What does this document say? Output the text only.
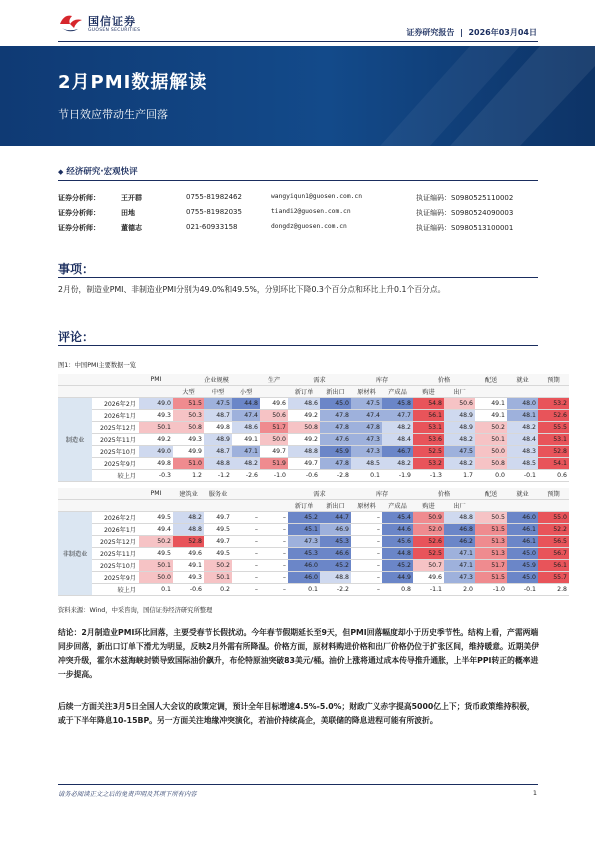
国信证券
GUOSEN SECURITIES	证券研究报告  |  2026年03月04日
2月PMI数据解读
节日效应带动生产回落
◆ 经济研究·宏观快评
证券分析师：	王开群	0755-81982462	wangyiqun1@guosen.com.cn	执证编码：S0980525110002
证券分析师：	田地	0755-81982035	tiandi2@guosen.com.cn	执证编码：S0980524090003
证券分析师：	董德志	021-60933158	dongdz@guosen.com.cn	执证编码：S0980513100001
事项：
2月份，制造业PMI、非制造业PMI分别为49.0%和49.5%，分别环比下降0.3个百分点和环比上升0.1个百分点。
评论：
图1：中国PMI主要数据一览
		PMI	企业规模			生产	需求		库存		价格		配送	就业	预期
			大型	中型	小型		新订单	新出口	原材料	产成品	购进	出厂			
制造业	2026年2月	49.0	51.5	47.5	44.8	49.6	48.6	45.0	47.5	45.8	54.8	50.6	49.1	48.0	53.2
	2026年1月	49.3	50.3	48.7	47.4	50.6	49.2	47.8	47.4	47.7	56.1	48.9	49.1	48.1	52.6
	2025年12月	50.1	50.8	49.8	48.6	51.7	50.8	47.8	47.8	48.2	53.1	48.9	50.2	48.2	55.5
	2025年11月	49.2	49.3	48.9	49.1	50.0	49.2	47.6	47.3	48.4	53.6	48.2	50.1	48.4	53.1
	2025年10月	49.0	49.9	48.7	47.1	49.7	48.8	45.9	47.3	46.7	52.5	47.5	50.0	48.3	52.8
	2025年9月	49.8	51.0	48.8	48.2	51.9	49.7	47.8	48.5	48.2	53.2	48.2	50.8	48.5	54.1
	较上月	-0.3	1.2	-1.2	-2.6	-1.0	-0.6	-2.8	0.1	-1.9	-1.3	1.7	0.0	-0.1	0.6
		PMI	建筑业	服务业			需求		库存		价格		配送	就业	预期
							新订单	新出口	原材料	产成品	购进	出厂			
非制造业	2026年2月	49.5	48.2	49.7	–	–	45.2	44.7	–	45.4	50.9	48.8	50.5	46.0	55.0
	2026年1月	49.4	48.8	49.5	–	–	45.1	46.9	–	44.6	52.0	46.8	51.5	46.1	52.2
	2025年12月	50.2	52.8	49.7	–	–	47.3	45.3	–	45.6	52.6	46.2	51.3	46.1	56.5
	2025年11月	49.5	49.6	49.5	–	–	45.3	46.6	–	44.8	52.5	47.1	51.3	45.0	56.7
	2025年10月	50.1	49.1	50.2	–	–	46.0	45.2	–	45.2	50.7	47.1	51.7	45.9	56.1
	2025年9月	50.0	49.3	50.1	–	–	46.0	48.8	–	44.9	49.6	47.3	51.5	45.0	55.7
	较上月	0.1	-0.6	0.2	–	–	0.1	-2.2	–	0.8	-1.1	2.0	-1.0	-0.1	2.8
资料来源：Wind，中采咨询，国信证券经济研究所整理
结论：2月制造业PMI环比回落，主要受春节长假扰动。今年春节假期延长至9天，但PMI回落幅度却小于历史季节性。结构上看，产需两端同步回落，新出口订单下滑尤为明显，反映2月外需有所降温。价格方面，原材料购进价格和出厂价格仍位于扩张区间，维持暖意。近期美伊冲突升级，霍尔木兹海峡封锁导致国际油价飙升，布伦特原油突破83美元/桶。油价上涨将通过成本传导推升通胀，上半年PPI转正的概率进一步提高。
后续一方面关注3月5日全国人大会议的政策定调，预计全年目标增速4.5%-5.0%；财政广义赤字提高5000亿上下；货币政策维持积极，或于下半年降息10-15BP。另一方面关注地缘冲突演化，若油价持续高企，美联储的降息进程可能有所波折。
请务必阅读正文之后的免责声明及其项下所有内容	1
